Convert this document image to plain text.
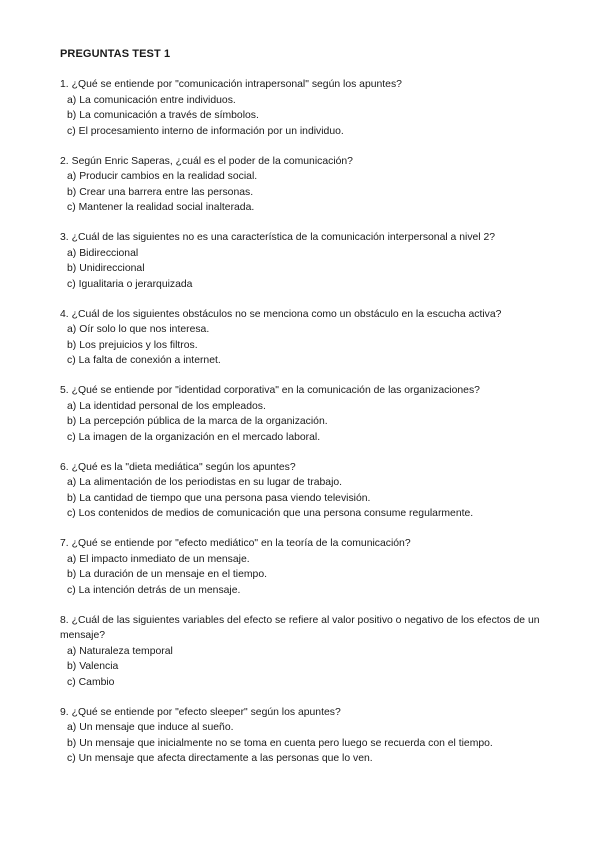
PREGUNTAS TEST 1

1. ¿Qué se entiende por "comunicación intrapersonal" según los apuntes?

a) La comunicación entre individuos.
b) La comunicación a través de símbolos.
c) El procesamiento interno de información por un individuo.

2. Según Enric Saperas, ¿cuál es el poder de la comunicación?

a) Producir cambios en la realidad social.
b) Crear una barrera entre las personas.
c) Mantener la realidad social inalterada.

3. ¿Cuál de las siguientes no es una característica de la comunicación interpersonal a nivel 2?

a) Bidireccional
b) Unidireccional
c) Igualitaria o jerarquizada

4. ¿Cuál de los siguientes obstáculos no se menciona como un obstáculo en la escucha activa?

a) Oír solo lo que nos interesa.
b) Los prejuicios y los filtros.
c) La falta de conexión a internet.

5. ¿Qué se entiende por "identidad corporativa" en la comunicación de las organizaciones?

a) La identidad personal de los empleados.
b) La percepción pública de la marca de la organización.
c) La imagen de la organización en el mercado laboral.

6. ¿Qué es la "dieta mediática" según los apuntes?

a) La alimentación de los periodistas en su lugar de trabajo.
b) La cantidad de tiempo que una persona pasa viendo televisión.
c) Los contenidos de medios de comunicación que una persona consume regularmente.

7. ¿Qué se entiende por "efecto mediático" en la teoría de la comunicación?

a) El impacto inmediato de un mensaje.
b) La duración de un mensaje en el tiempo.
c) La intención detrás de un mensaje.

8. ¿Cuál de las siguientes variables del efecto se refiere al valor positivo o negativo de los efectos de un mensaje?

a) Naturaleza temporal
b) Valencia
c) Cambio

9. ¿Qué se entiende por "efecto sleeper" según los apuntes?

a) Un mensaje que induce al sueño.
b) Un mensaje que inicialmente no se toma en cuenta pero luego se recuerda con el tiempo.
c) Un mensaje que afecta directamente a las personas que lo ven.
